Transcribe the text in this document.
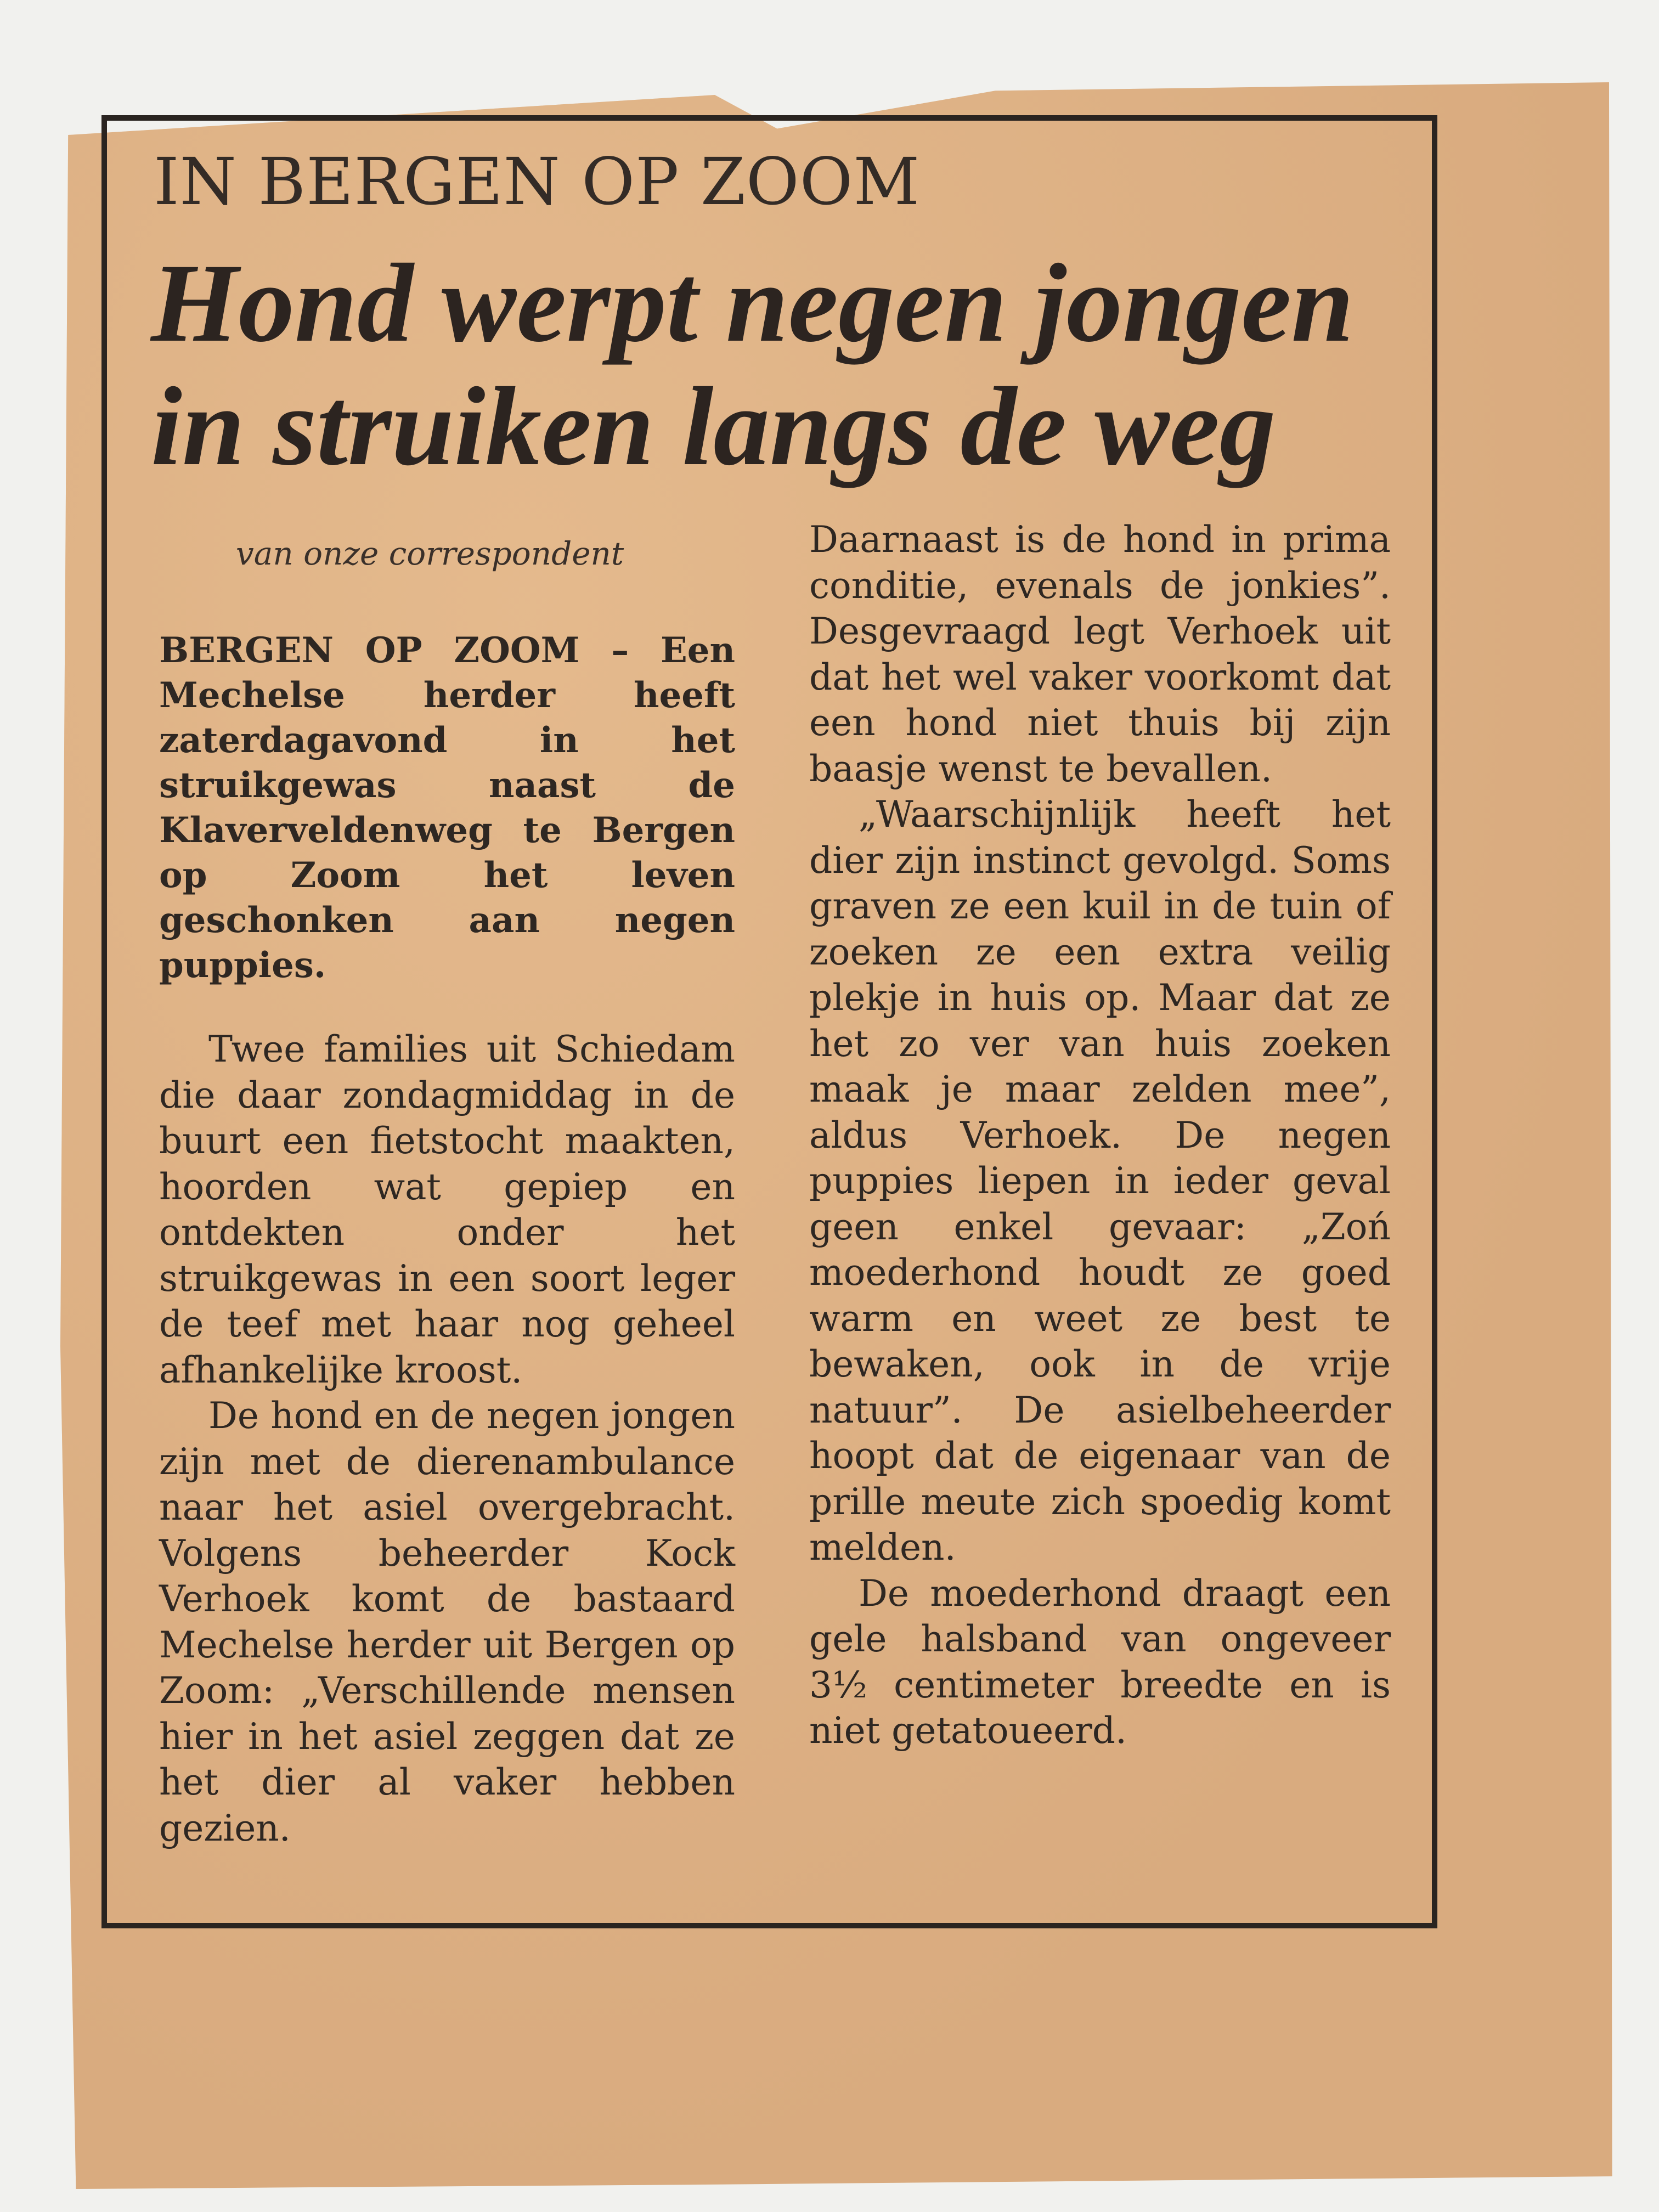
IN BERGEN OP ZOOM
Hond werpt negen jongen in struiken langs de weg
van onze correspondent

BERGEN OP ZOOM – Een Mechelse herder heeft zaterdagavond in het struikgewas naast de Klaverveldenweg te Bergen op Zoom het leven geschonken aan negen puppies.

Twee families uit Schiedam die daar zondagmiddag in de buurt een fietstocht maakten, hoorden wat gepiep en ontdekten onder het struikgewas in een soort leger de teef met haar nog geheel afhankelijke kroost.

De hond en de negen jongen zijn met de dierenambulance naar het asiel overgebracht. Volgens beheerder Kock Verhoek komt de bastaard Mechelse herder uit Bergen op Zoom: „Verschillende mensen hier in het asiel zeggen dat ze het dier al vaker hebben gezien.

Daarnaast is de hond in prima conditie, evenals de jonkies”. Desgevraagd legt Verhoek uit dat het wel vaker voorkomt dat een hond niet thuis bij zijn baasje wenst te bevallen.

„Waarschijnlijk heeft het dier zijn instinct gevolgd. Soms graven ze een kuil in de tuin of zoeken ze een extra veilig plekje in huis op. Maar dat ze het zo ver van huis zoeken maak je maar zelden mee”, aldus Verhoek. De negen puppies liepen in ieder geval geen enkel gevaar: „Zoń moederhond houdt ze goed warm en weet ze best te bewaken, ook in de vrije natuur”. De asielbeheerder hoopt dat de eigenaar van de prille meute zich spoedig komt melden.

De moederhond draagt een gele halsband van ongeveer 3½ centimeter breedte en is niet getatoueerd.
